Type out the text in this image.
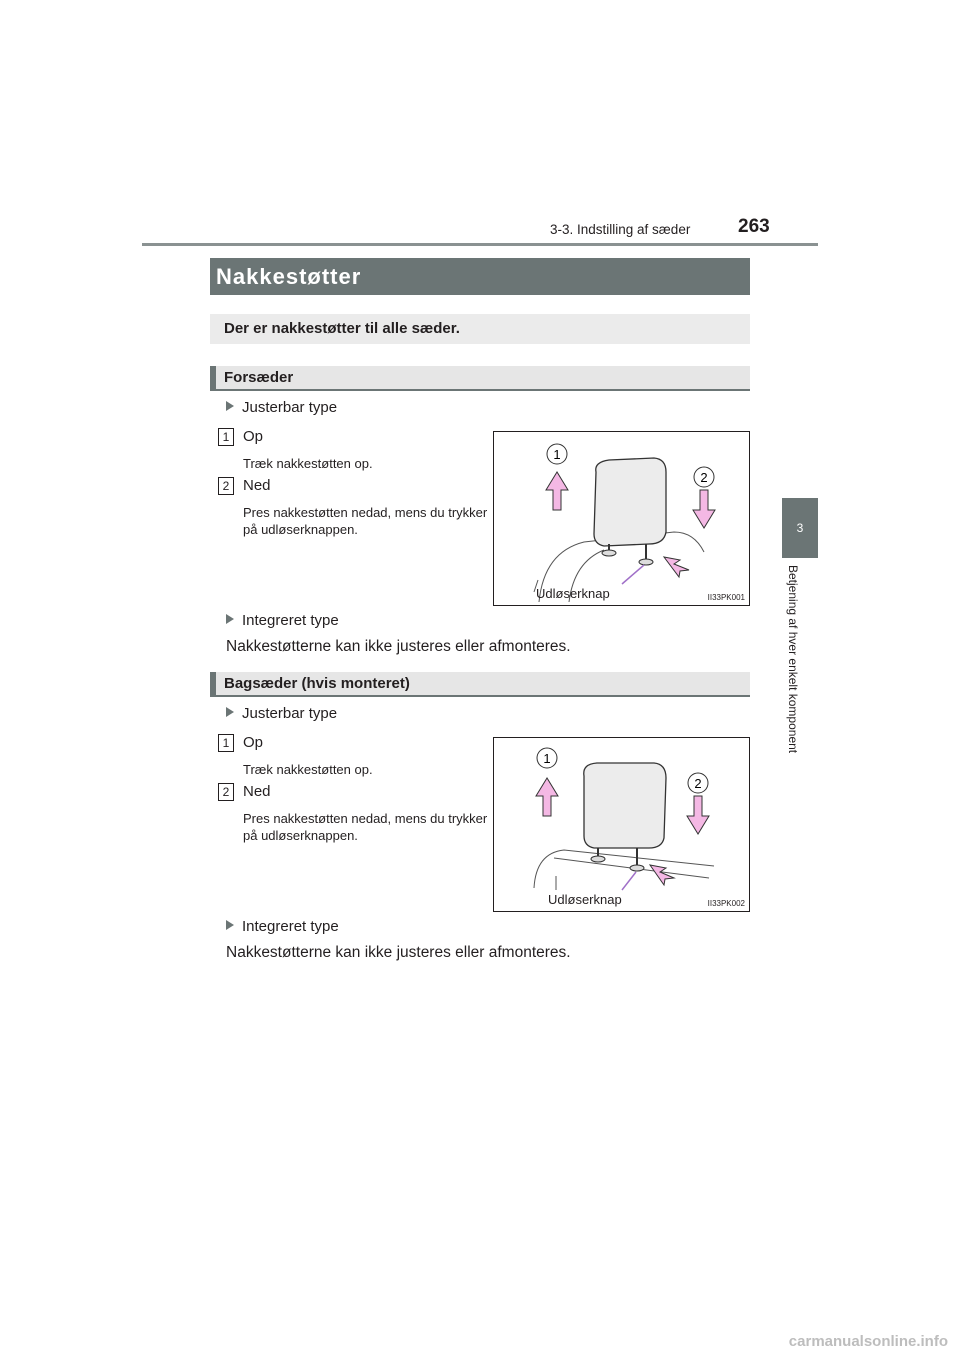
3-3. Indstilling af sæder	263
3
Betjening af hver enkelt komponent
Nakkestøtter
Der er nakkestøtter til alle sæder.
Forsæder
Justerbar type
1 Op
Træk nakkestøtten op.
2 Ned
Pres nakkestøtten nedad, mens du trykker på udløserknappen.
1
2
Udløserknap	II33PK001
Integreret type
Nakkestøtterne kan ikke justeres eller afmonteres.
Bagsæder (hvis monteret)
Justerbar type
1 Op
Træk nakkestøtten op.
2 Ned
Pres nakkestøtten nedad, mens du trykker på udløserknappen.
1
2
Udløserknap	II33PK002
Integreret type
Nakkestøtterne kan ikke justeres eller afmonteres.
carmanualsonline.info
